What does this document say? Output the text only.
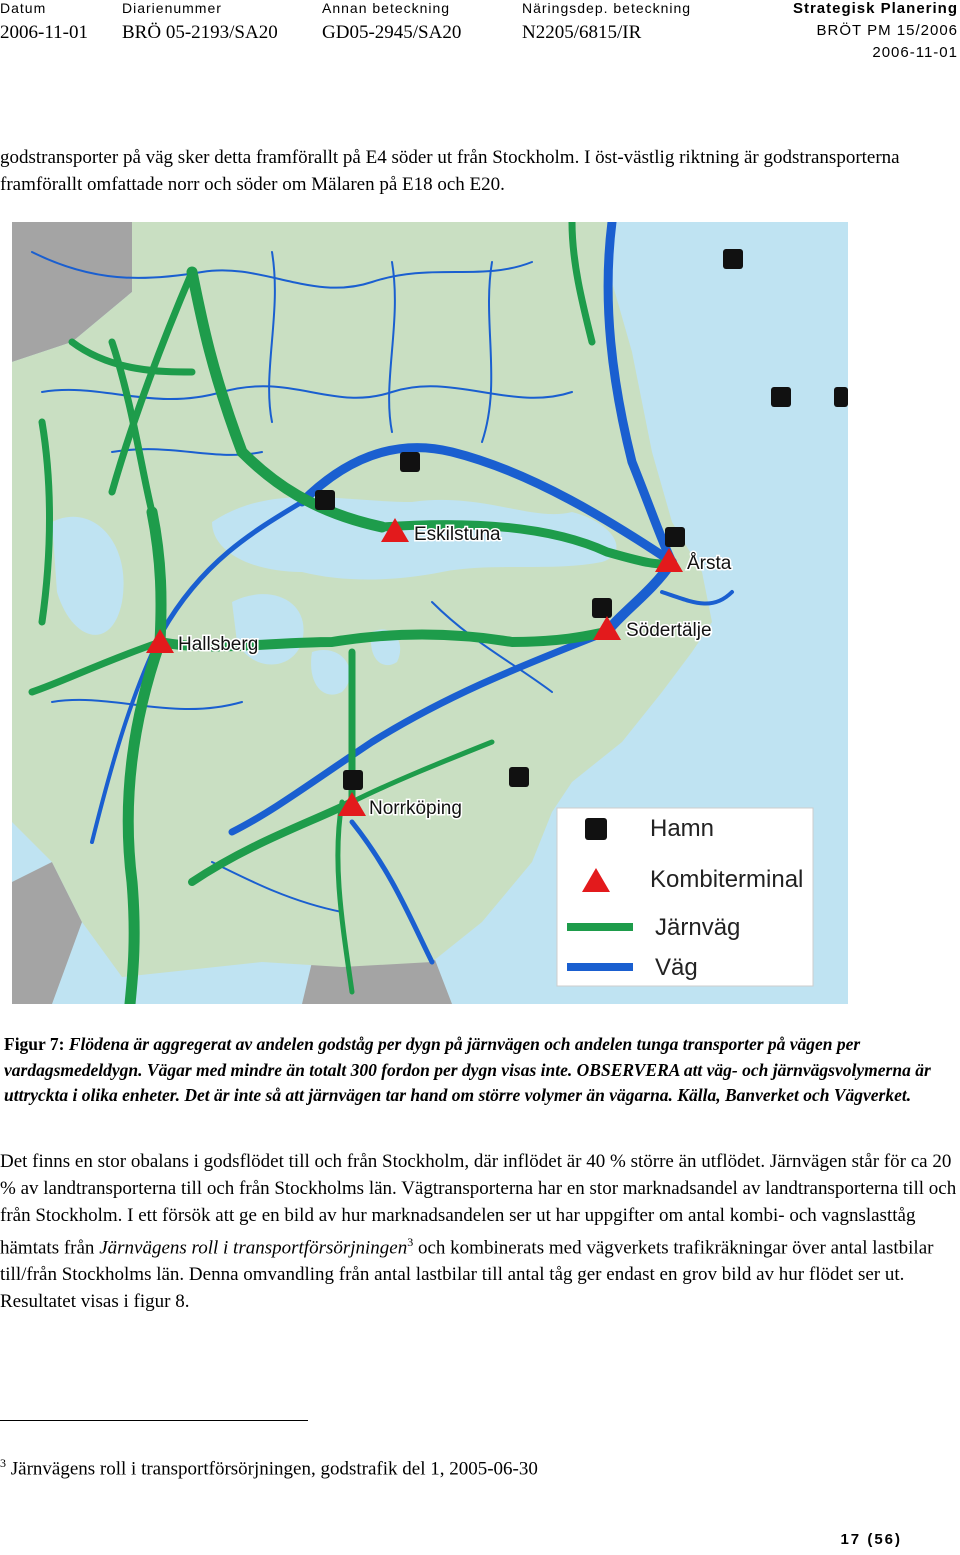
Datum
2006-11-01
Diarienummer
BRÖ 05-2193/SA20
Annan beteckning
GD05-2945/SA20
Näringsdep. beteckning
N2205/6815/IR
Strategisk Planering
BRÖT PM 15/2006
2006-11-01

godstransporter på väg sker detta framförallt på E4 söder ut från Stockholm. I öst-västlig riktning är godstransporterna framförallt omfattade norr och söder om Mälaren på E18 och E20.

Eskilstuna
Årsta
Södertälje
Hallsberg
Norrköping
Hamn
Kombiterminal
Järnväg
Väg

Figur 7: Flödena är aggregerat av andelen godståg per dygn på järnvägen och andelen tunga transporter på vägen per vardagsmedeldygn. Vägar med mindre än totalt 300 fordon per dygn visas inte. OBSERVERA att väg- och järnvägsvolymerna är uttryckta i olika enheter. Det är inte så att järnvägen tar hand om större volymer än vägarna. Källa, Banverket och Vägverket.

Det finns en stor obalans i godsflödet till och från Stockholm, där inflödet är 40 % större än utflödet. Järnvägen står för ca 20 % av landtransporterna till och från Stockholms län. Vägtransporterna har en stor marknadsandel av landtransporterna till och från Stockholm. I ett försök att ge en bild av hur marknadsandelen ser ut har uppgifter om antal kombi- och vagnslasttåg hämtats från Järnvägens roll i transportförsörjningen$^3$ och kombinerats med vägverkets trafikräkningar över antal lastbilar till/från Stockholms län. Denna omvandling från antal lastbilar till antal tåg ger endast en grov bild av hur flödet ser ut. Resultatet visas i figur 8.

$^3$ Järnvägens roll i transportförsörjningen, godstrafik del 1, 2005-06-30
17 (56)
